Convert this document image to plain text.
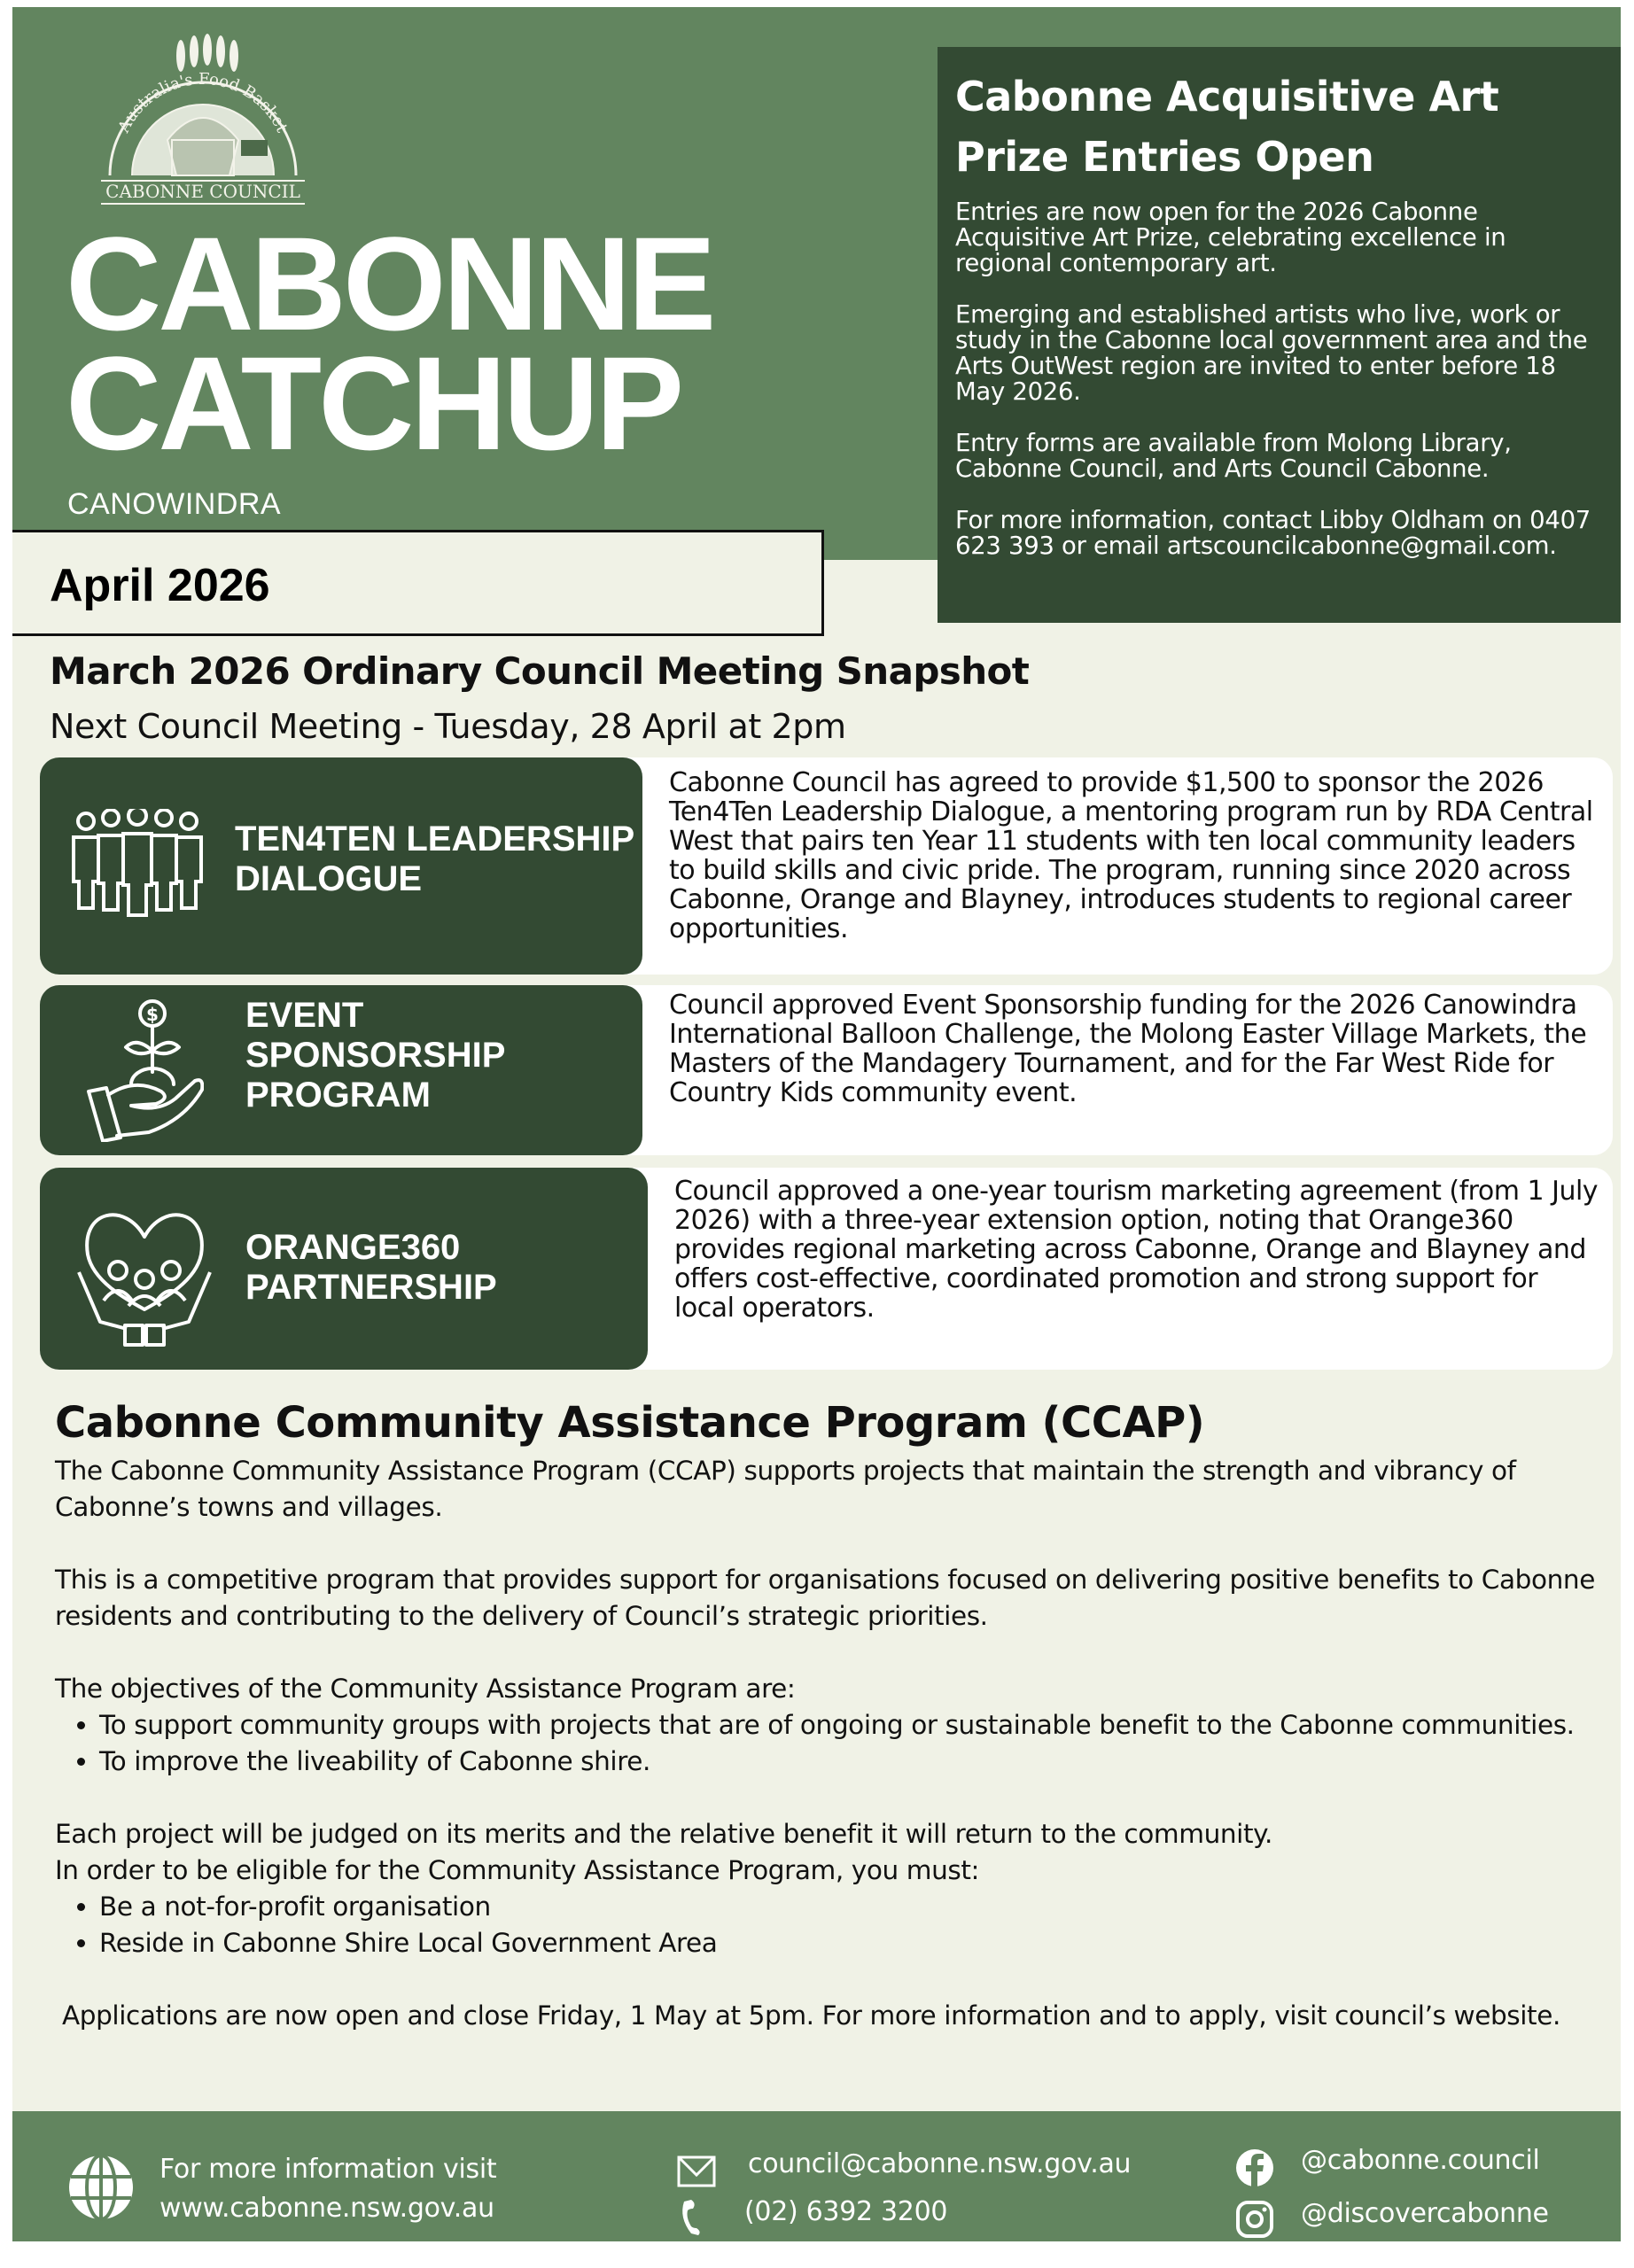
CABONNE COUNCIL
Australia's Food Basket
CABONNE
CATCHUP
CANOWINDRA
April 2026
Cabonne Acquisitive Art Prize Entries Open

Entries are now open for the 2026 Cabonne Acquisitive Art Prize, celebrating excellence in regional contemporary art.

Emerging and established artists who live, work or study in the Cabonne local government area and the Arts OutWest region are invited to enter before 18 May 2026.

Entry forms are available from Molong Library, Cabonne Council, and Arts Council Cabonne.

For more information, contact Libby Oldham on 0407 623 393 or email artscouncilcabonne@gmail.com.

March 2026 Ordinary Council Meeting Snapshot
Next Council Meeting - Tuesday, 28 April at 2pm
TEN4TEN LEADERSHIP
DIALOGUE
Cabonne Council has agreed to provide $1,500 to sponsor the 2026 Ten4Ten Leadership Dialogue, a mentoring program run by RDA Central West that pairs ten Year 11 students with ten local community leaders to build skills and civic pride. The program, running since 2020 across Cabonne, Orange and Blayney, introduces students to regional career opportunities.
$ EVENT
SPONSORSHIP
PROGRAM
Council approved Event Sponsorship funding for the 2026 Canowindra International Balloon Challenge, the Molong Easter Village Markets, the Masters of the Mandagery Tournament, and for the Far West Ride for Country Kids community event.
ORANGE360
PARTNERSHIP
Council approved a one-year tourism marketing agreement (from 1 July 2026) with a three-year extension option, noting that Orange360 provides regional marketing across Cabonne, Orange and Blayney and offers cost-effective, coordinated promotion and strong support for local operators.
Cabonne Community Assistance Program (CCAP)

The Cabonne Community Assistance Program (CCAP) supports projects that maintain the strength and vibrancy of Cabonne’s towns and villages.

This is a competitive program that provides support for organisations focused on delivering positive benefits to Cabonne residents and contributing to the delivery of Council’s strategic priorities.

The objectives of the Community Assistance Program are:

• To support community groups with projects that are of ongoing or sustainable benefit to the Cabonne communities.
• To improve the liveability of Cabonne shire.

Each project will be judged on its merits and the relative benefit it will return to the community.

In order to be eligible for the Community Assistance Program, you must:

• Be a not-for-profit organisation
• Reside in Cabonne Shire Local Government Area

Applications are now open and close Friday, 1 May at 5pm. For more information and to apply, visit council’s website.

For more information visit
www.cabonne.nsw.gov.au
council@cabonne.nsw.gov.au
(02) 6392 3200
@cabonne.council
@discovercabonne
